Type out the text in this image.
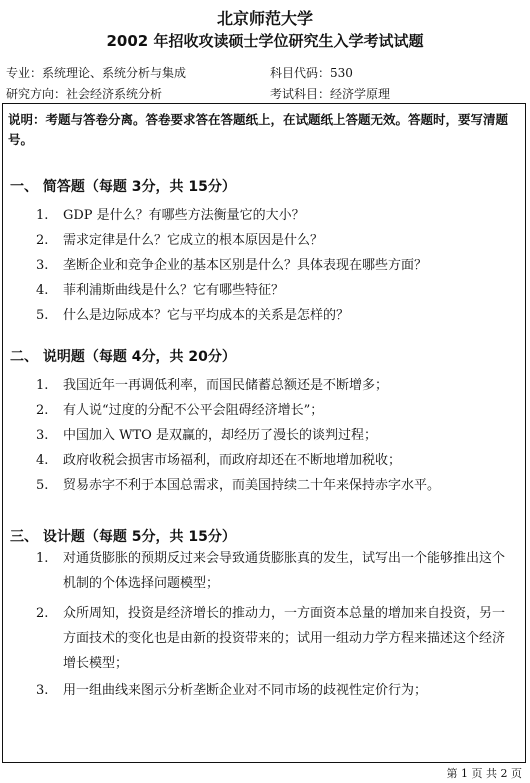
北京师范大学
2002 年招收攻读硕士学位研究生入学考试试题
专业：系统理论、系统分析与集成
研究方向：社会经济系统分析
科目代码：530
考试科目：经济学原理
说明：考题与答卷分离。答卷要求答在答题纸上，在试题纸上答题无效。答题时，要写清题号。
一、 简答题（每题 3分，共 15分）
1.	GDP 是什么？有哪些方法衡量它的大小？
2.	需求定律是什么？它成立的根本原因是什么？
3.	垄断企业和竞争企业的基本区别是什么？具体表现在哪些方面？
4.	菲利浦斯曲线是什么？它有哪些特征？
5.	什么是边际成本？它与平均成本的关系是怎样的？
二、 说明题（每题 4分，共 20分）
1.	我国近年一再调低利率，而国民储蓄总额还是不断增多；
2.	有人说“过度的分配不公平会阻碍经济增长”；
3.	中国加入 WTO 是双赢的，却经历了漫长的谈判过程；
4.	政府收税会损害市场福利，而政府却还在不断地增加税收；
5.	贸易赤字不利于本国总需求，而美国持续二十年来保持赤字水平。
三、 设计题（每题 5分，共 15分）
1.	对通货膨胀的预期反过来会导致通货膨胀真的发生，试写出一个能够推出这个机制的个体选择问题模型；
2.	众所周知，投资是经济增长的推动力，一方面资本总量的增加来自投资，另一方面技术的变化也是由新的投资带来的；试用一组动力学方程来描述这个经济增长模型；
3.	用一组曲线来图示分析垄断企业对不同市场的歧视性定价行为；
第 1 页 共 2 页
